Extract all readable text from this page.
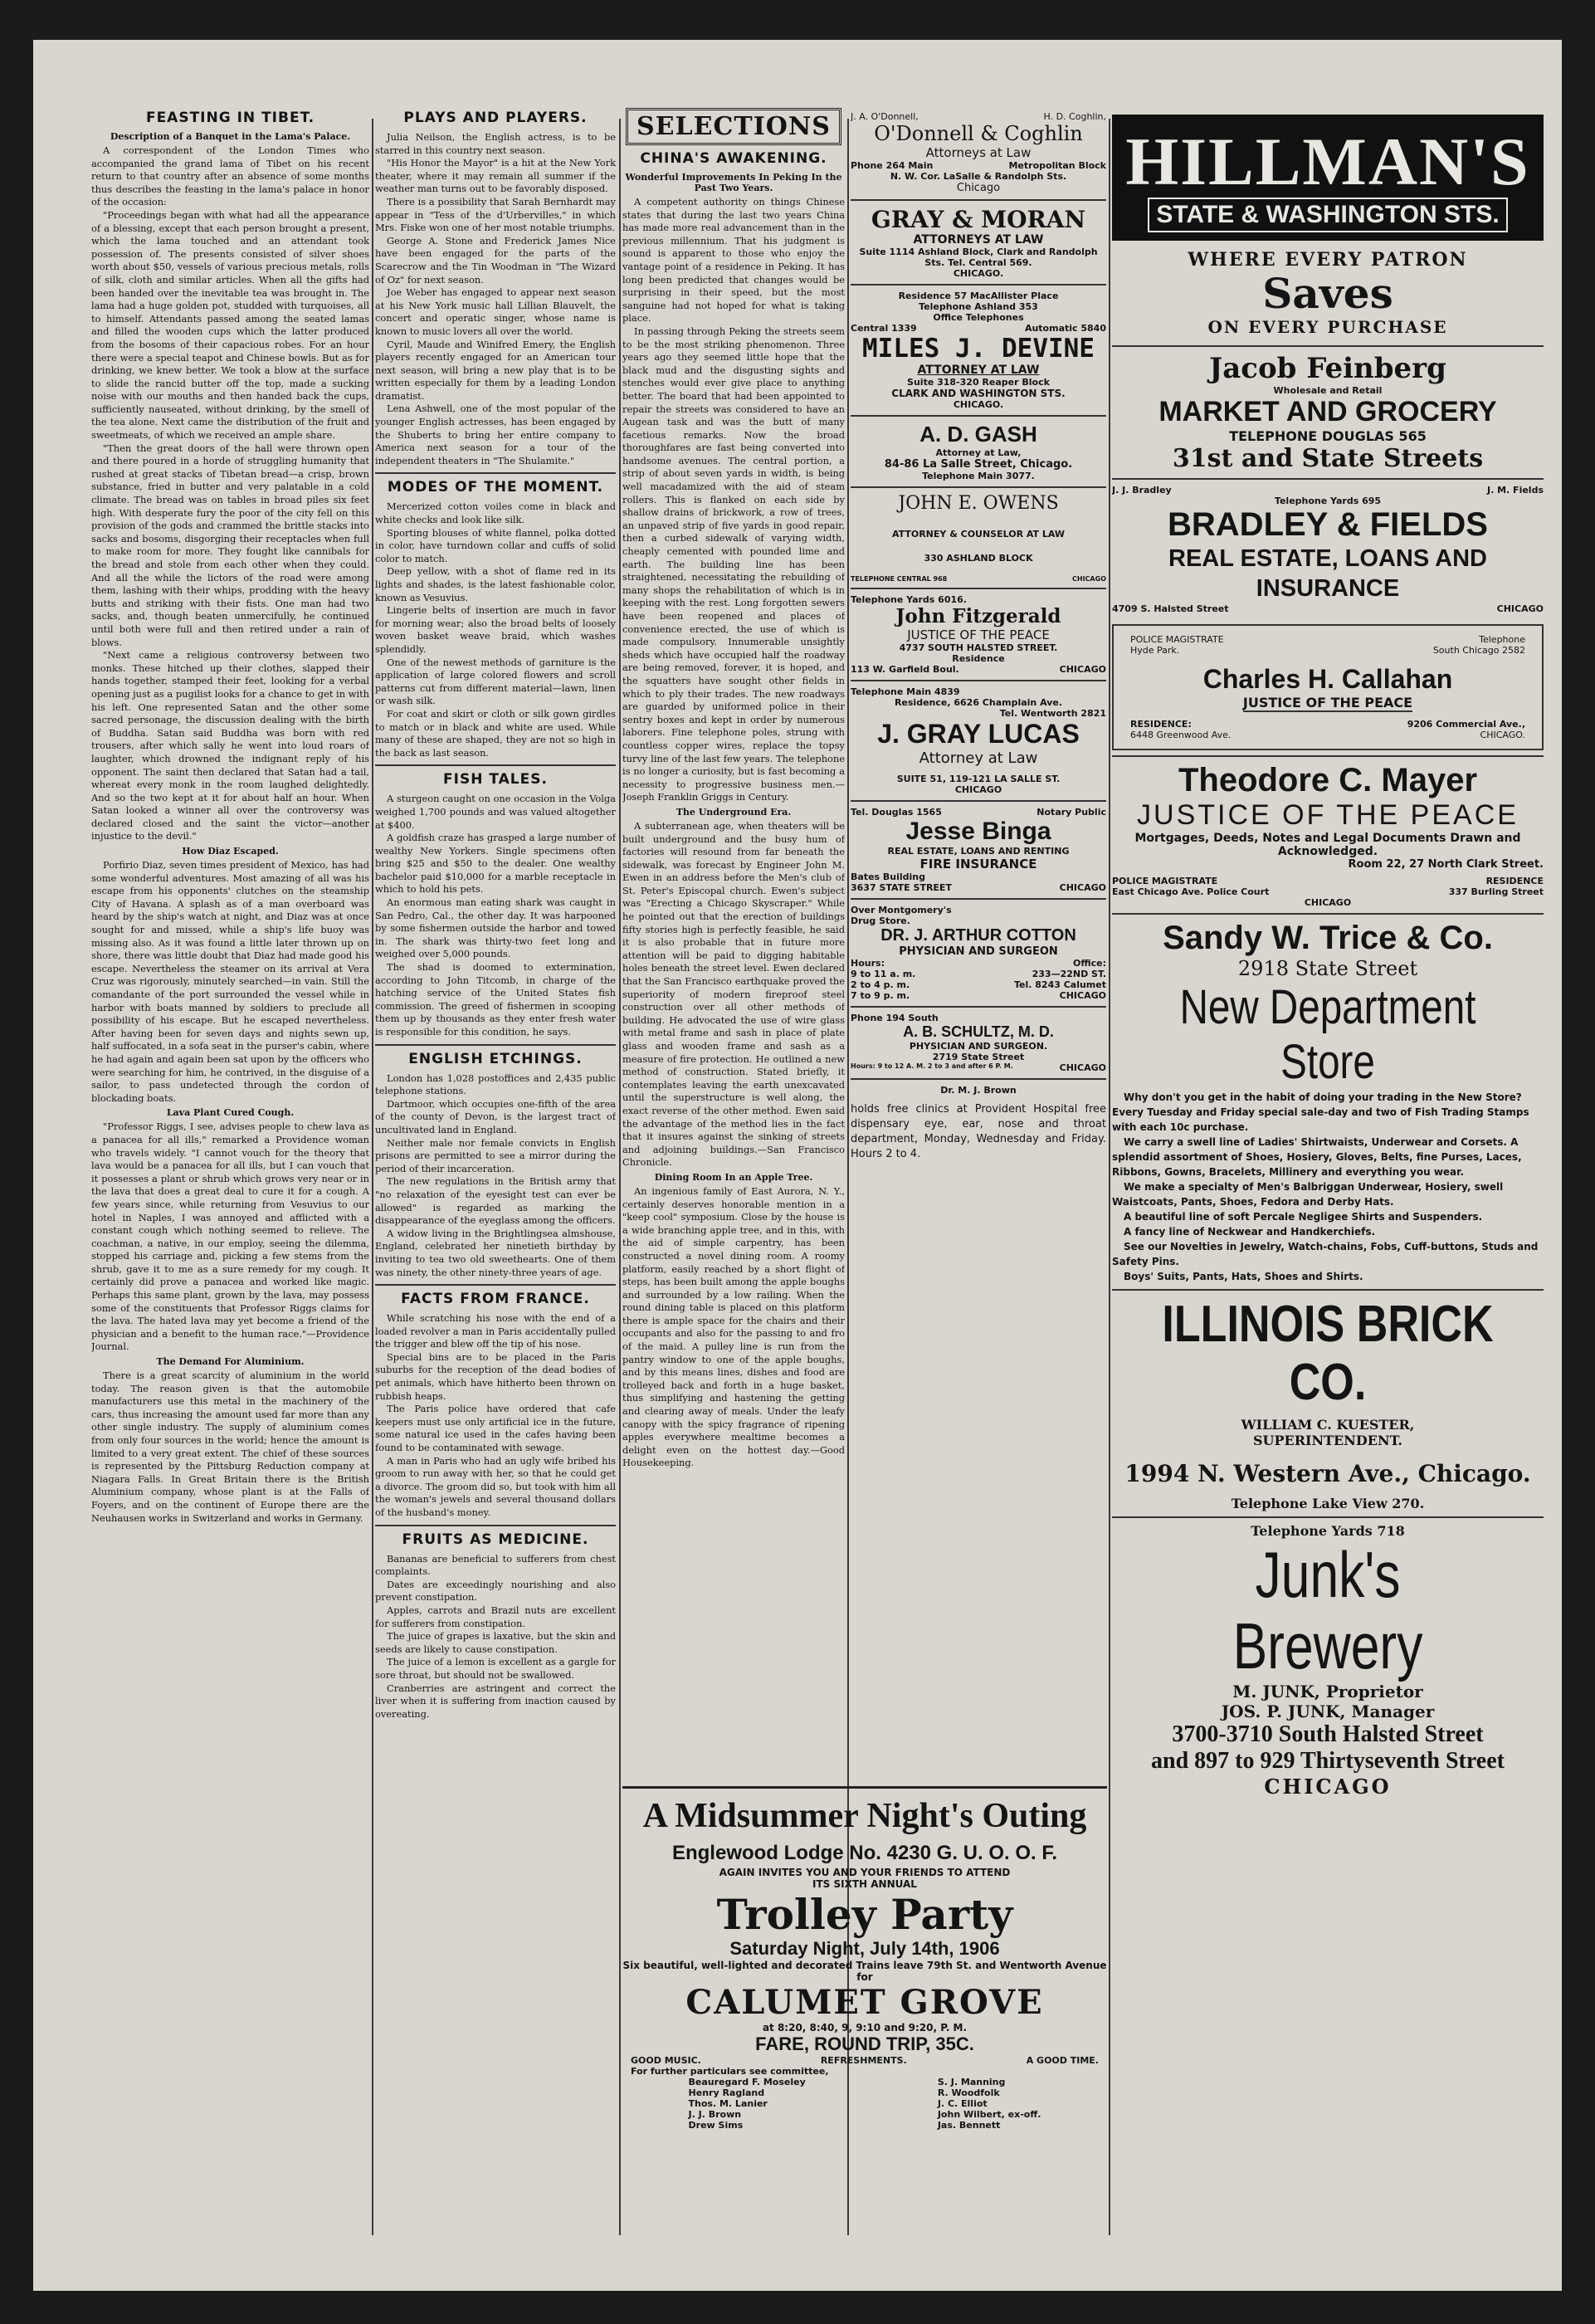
FEASTING IN TIBET.
Description of a Banquet in the Lama's Palace.

A correspondent of the London Times who accompanied the grand lama of Tibet on his recent return to that country after an absence of some months thus describes the feasting in the lama's palace in honor of the occasion:

"Proceedings began with what had all the appearance of a blessing, except that each person brought a present, which the lama touched and an attendant took possession of. The presents consisted of silver shoes worth about $50, vessels of various precious metals, rolls of silk, cloth and similar articles. When all the gifts had been handed over the inevitable tea was brought in. The lama had a huge golden pot, studded with turquoises, all to himself. Attendants passed among the seated lamas and filled the wooden cups which the latter produced from the bosoms of their capacious robes. For an hour there were a special teapot and Chinese bowls. But as for drinking, we knew better. We took a blow at the surface to slide the rancid butter off the top, made a sucking noise with our mouths and then handed back the cups, sufficiently nauseated, without drinking, by the smell of the tea alone. Next came the distribution of the fruit and sweetmeats, of which we received an ample share.

"Then the great doors of the hall were thrown open and there poured in a horde of struggling humanity that rushed at great stacks of Tibetan bread—a crisp, brown substance, fried in butter and very palatable in a cold climate. The bread was on tables in broad piles six feet high. With desperate fury the poor of the city fell on this provision of the gods and crammed the brittle stacks into sacks and bosoms, disgorging their receptacles when full to make room for more. They fought like cannibals for the bread and stole from each other when they could. And all the while the lictors of the road were among them, lashing with their whips, prodding with the heavy butts and striking with their fists. One man had two sacks, and, though beaten unmercifully, he continued until both were full and then retired under a rain of blows.

"Next came a religious controversy between two monks. These hitched up their clothes, slapped their hands together, stamped their feet, looking for a verbal opening just as a pugilist looks for a chance to get in with his left. One represented Satan and the other some sacred personage, the discussion dealing with the birth of Buddha. Satan said Buddha was born with red trousers, after which sally he went into loud roars of laughter, which drowned the indignant reply of his opponent. The saint then declared that Satan had a tail, whereat every monk in the room laughed delightedly. And so the two kept at it for about half an hour. When Satan looked a winner all over the controversy was declared closed and the saint the victor—another injustice to the devil."

How Diaz Escaped.

Porfirio Diaz, seven times president of Mexico, has had some wonderful adventures. Most amazing of all was his escape from his opponents' clutches on the steamship City of Havana. A splash as of a man overboard was heard by the ship's watch at night, and Diaz was at once sought for and missed, while a ship's life buoy was missing also. As it was found a little later thrown up on shore, there was little doubt that Diaz had made good his escape. Nevertheless the steamer on its arrival at Vera Cruz was rigorously, minutely searched—in vain. Still the comandante of the port surrounded the vessel while in harbor with boats manned by soldiers to preclude all possibility of his escape. But he escaped nevertheless. After having been for seven days and nights sewn up, half suffocated, in a sofa seat in the purser's cabin, where he had again and again been sat upon by the officers who were searching for him, he contrived, in the disguise of a sailor, to pass undetected through the cordon of blockading boats.

Lava Plant Cured Cough.

"Professor Riggs, I see, advises people to chew lava as a panacea for all ills," remarked a Providence woman who travels widely. "I cannot vouch for the theory that lava would be a panacea for all ills, but I can vouch that it possesses a plant or shrub which grows very near or in the lava that does a great deal to cure it for a cough. A few years since, while returning from Vesuvius to our hotel in Naples, I was annoyed and afflicted with a constant cough which nothing seemed to relieve. The coachman, a native, in our employ, seeing the dilemma, stopped his carriage and, picking a few stems from the shrub, gave it to me as a sure remedy for my cough. It certainly did prove a panacea and worked like magic. Perhaps this same plant, grown by the lava, may possess some of the constituents that Professor Riggs claims for the lava. The hated lava may yet become a friend of the physician and a benefit to the human race."—Providence Journal.

The Demand For Aluminium.

There is a great scarcity of aluminium in the world today. The reason given is that the automobile manufacturers use this metal in the machinery of the cars, thus increasing the amount used far more than any other single industry. The supply of aluminium comes from only four sources in the world; hence the amount is limited to a very great extent. The chief of these sources is represented by the Pittsburg Reduction company at Niagara Falls. In Great Britain there is the British Aluminium company, whose plant is at the Falls of Foyers, and on the continent of Europe there are the Neuhausen works in Switzerland and works in Germany.

PLAYS AND PLAYERS.

Julia Neilson, the English actress, is to be starred in this country next season.

"His Honor the Mayor" is a hit at the New York theater, where it may remain all summer if the weather man turns out to be favorably disposed.

There is a possibility that Sarah Bernhardt may appear in "Tess of the d'Urbervilles," in which Mrs. Fiske won one of her most notable triumphs.

George A. Stone and Frederick James Nice have been engaged for the parts of the Scarecrow and the Tin Woodman in "The Wizard of Oz" for next season.

Joe Weber has engaged to appear next season at his New York music hall Lillian Blauvelt, the concert and operatic singer, whose name is known to music lovers all over the world.

Cyril, Maude and Winifred Emery, the English players recently engaged for an American tour next season, will bring a new play that is to be written especially for them by a leading London dramatist.

Lena Ashwell, one of the most popular of the younger English actresses, has been engaged by the Shuberts to bring her entire company to America next season for a tour of the independent theaters in "The Shulamite."

MODES OF THE MOMENT.

Mercerized cotton voiles come in black and white checks and look like silk.

Sporting blouses of white flannel, polka dotted in color, have turndown collar and cuffs of solid color to match.

Deep yellow, with a shot of flame red in its lights and shades, is the latest fashionable color, known as Vesuvius.

Lingerie belts of insertion are much in favor for morning wear; also the broad belts of loosely woven basket weave braid, which washes splendidly.

One of the newest methods of garniture is the application of large colored flowers and scroll patterns cut from different material—lawn, linen or wash silk.

For coat and skirt or cloth or silk gown girdles to match or in black and white are used. While many of these are shaped, they are not so high in the back as last season.

FISH TALES.

A sturgeon caught on one occasion in the Volga weighed 1,700 pounds and was valued altogether at $400.

A goldfish craze has grasped a large number of wealthy New Yorkers. Single specimens often bring $25 and $50 to the dealer. One wealthy bachelor paid $10,000 for a marble receptacle in which to hold his pets.

An enormous man eating shark was caught in San Pedro, Cal., the other day. It was harpooned by some fishermen outside the harbor and towed in. The shark was thirty-two feet long and weighed over 5,000 pounds.

The shad is doomed to extermination, according to John Titcomb, in charge of the hatching service of the United States fish commission. The greed of fishermen in scooping them up by thousands as they enter fresh water is responsible for this condition, he says.

ENGLISH ETCHINGS.

London has 1,028 postoffices and 2,435 public telephone stations.

Dartmoor, which occupies one-fifth of the area of the county of Devon, is the largest tract of uncultivated land in England.

Neither male nor female convicts in English prisons are permitted to see a mirror during the period of their incarceration.

The new regulations in the British army that "no relaxation of the eyesight test can ever be allowed" is regarded as marking the disappearance of the eyeglass among the officers.

A widow living in the Brightlingsea almshouse, England, celebrated her ninetieth birthday by inviting to tea two old sweethearts. One of them was ninety, the other ninety-three years of age.

FACTS FROM FRANCE.

While scratching his nose with the end of a loaded revolver a man in Paris accidentally pulled the trigger and blew off the tip of his nose.

Special bins are to be placed in the Paris suburbs for the reception of the dead bodies of pet animals, which have hitherto been thrown on rubbish heaps.

The Paris police have ordered that cafe keepers must use only artificial ice in the future, some natural ice used in the cafes having been found to be contaminated with sewage.

A man in Paris who had an ugly wife bribed his groom to run away with her, so that he could get a divorce. The groom did so, but took with him all the woman's jewels and several thousand dollars of the husband's money.

FRUITS AS MEDICINE.

Bananas are beneficial to sufferers from chest complaints.

Dates are exceedingly nourishing and also prevent constipation.

Apples, carrots and Brazil nuts are excellent for sufferers from constipation.

The juice of grapes is laxative, but the skin and seeds are likely to cause constipation.

The juice of a lemon is excellent as a gargle for sore throat, but should not be swallowed.

Cranberries are astringent and correct the liver when it is suffering from inaction caused by overeating.

SELECTIONS
CHINA'S AWAKENING.
Wonderful Improvements In Peking In the Past Two Years.

A competent authority on things Chinese states that during the last two years China has made more real advancement than in the previous millennium. That his judgment is sound is apparent to those who enjoy the vantage point of a residence in Peking. It has long been predicted that changes would be surprising in their speed, but the most sanguine had not hoped for what is taking place.

In passing through Peking the streets seem to be the most striking phenomenon. Three years ago they seemed little hope that the black mud and the disgusting sights and stenches would ever give place to anything better. The board that had been appointed to repair the streets was considered to have an Augean task and was the butt of many facetious remarks. Now the broad thoroughfares are fast being converted into handsome avenues. The central portion, a strip of about seven yards in width, is being well macadamized with the aid of steam rollers. This is flanked on each side by shallow drains of brickwork, a row of trees, an unpaved strip of five yards in good repair, then a curbed sidewalk of varying width, cheaply cemented with pounded lime and earth. The building line has been straightened, necessitating the rebuilding of many shops the rehabilitation of which is in keeping with the rest. Long forgotten sewers have been reopened and places of convenience erected, the use of which is made compulsory. Innumerable unsightly sheds which have occupied half the roadway are being removed, forever, it is hoped, and the squatters have sought other fields in which to ply their trades. The new roadways are guarded by uniformed police in their sentry boxes and kept in order by numerous laborers. Fine telephone poles, strung with countless copper wires, replace the topsy turvy line of the last few years. The telephone is no longer a curiosity, but is fast becoming a necessity to progressive business men.—Joseph Franklin Griggs in Century.

The Underground Era.

A subterranean age, when theaters will be built underground and the busy hum of factories will resound from far beneath the sidewalk, was forecast by Engineer John M. Ewen in an address before the Men's club of St. Peter's Episcopal church. Ewen's subject was "Erecting a Chicago Skyscraper." While he pointed out that the erection of buildings fifty stories high is perfectly feasible, he said it is also probable that in future more attention will be paid to digging habitable holes beneath the street level. Ewen declared that the San Francisco earthquake proved the superiority of modern fireproof steel construction over all other methods of building. He advocated the use of wire glass with metal frame and sash in place of plate glass and wooden frame and sash as a measure of fire protection. He outlined a new method of construction. Stated briefly, it contemplates leaving the earth unexcavated until the superstructure is well along, the exact reverse of the other method. Ewen said the advantage of the method lies in the fact that it insures against the sinking of streets and adjoining buildings.—San Francisco Chronicle.

Dining Room In an Apple Tree.

An ingenious family of East Aurora, N. Y., certainly deserves honorable mention in a "keep cool" symposium. Close by the house is a wide branching apple tree, and in this, with the aid of simple carpentry, has been constructed a novel dining room. A roomy platform, easily reached by a short flight of steps, has been built among the apple boughs and surrounded by a low railing. When the round dining table is placed on this platform there is ample space for the chairs and their occupants and also for the passing to and fro of the maid. A pulley line is run from the pantry window to one of the apple boughs, and by this means lines, dishes and food are trolleyed back and forth in a huge basket, thus simplifying and hastening the getting and clearing away of meals. Under the leafy canopy with the spicy fragrance of ripening apples everywhere mealtime becomes a delight even on the hottest day.—Good Housekeeping.

J. A. O'Donnell,	H. D. Coghlin,
O'Donnell & Coghlin
Attorneys at Law
Phone 264 Main	Metropolitan Block
N. W. Cor. LaSalle & Randolph Sts.
Chicago
GRAY & MORAN
ATTORNEYS AT LAW
Suite 1114 Ashland Block, Clark and Randolph Sts. Tel. Central 569.
CHICAGO.
Residence 57 MacAllister Place
Telephone Ashland 353
Office Telephones
Central 1339	Automatic 5840
MILES J. DEVINE
ATTORNEY AT LAW
Suite 318-320 Reaper Block
CLARK AND WASHINGTON STS.
CHICAGO.
A. D. GASH
Attorney at Law,
84-86 La Salle Street, Chicago.
Telephone Main 3077.
JOHN E. OWENS
ATTORNEY & COUNSELOR AT LAW
330 ASHLAND BLOCK
TELEPHONE CENTRAL 968	CHICAGO
Telephone Yards 6016.
John Fitzgerald
JUSTICE OF THE PEACE
4737 SOUTH HALSTED STREET.
Residence
113 W. Garfield Boul.	CHICAGO
Telephone Main 4839
Residence, 6626 Champlain Ave.
Tel. Wentworth 2821
J. GRAY LUCAS
Attorney at Law
SUITE 51, 119-121 LA SALLE ST.
CHICAGO
Tel. Douglas 1565	Notary Public
Jesse Binga
REAL ESTATE, LOANS AND RENTING
FIRE INSURANCE
Bates Building
3637 STATE STREET	CHICAGO
Over Montgomery's Drug Store.
DR. J. ARTHUR COTTON
PHYSICIAN AND SURGEON
Hours:	Office:
9 to 11 a. m.	233—22ND ST.
2 to 4 p. m.	Tel. 8243 Calumet
7 to 9 p. m.	CHICAGO
Phone 194 South
A. B. SCHULTZ, M. D.
PHYSICIAN AND SURGEON.
2719 State Street
Hours: 9 to 12 A. M. 2 to 3 and after 6 P. M.	CHICAGO
Dr. M. J. Brown

holds free clinics at Provident Hospital free dispensary eye, ear, nose and throat department, Monday, Wednesday and Friday. Hours 2 to 4.

A Midsummer Night's Outing
Englewood Lodge No. 4230 G. U. O. O. F.
AGAIN INVITES YOU AND YOUR FRIENDS TO ATTEND ITS SIXTH ANNUAL
Trolley Party
Saturday Night, July 14th, 1906
Six beautiful, well-lighted and decorated Trains leave 79th St. and Wentworth Avenue for
CALUMET GROVE
at 8:20, 8:40, 9, 9:10 and 9:20, P. M.
FARE, ROUND TRIP, 35C.
GOOD MUSIC.	REFRESHMENTS.	A GOOD TIME.
For further particulars see committee,
Beauregard F. Moseley
Henry Ragland
Thos. M. Lanier
J. J. Brown
Drew Sims
S. J. Manning
R. Woodfolk
J. C. Elliot
John Wilbert, ex-off.
Jas. Bennett
HILLMAN'S
STATE & WASHINGTON STS.
WHERE EVERY PATRON
Saves
ON EVERY PURCHASE
Jacob Feinberg
Wholesale and Retail
MARKET AND GROCERY
TELEPHONE DOUGLAS 565
31st and State Streets
J. J. Bradley	J. M. Fields
Telephone Yards 695
BRADLEY & FIELDS
REAL ESTATE, LOANS AND INSURANCE
4709 S. Halsted Street	CHICAGO
POLICE MAGISTRATE	Telephone
Hyde Park.	South Chicago 2582
Charles H. Callahan
JUSTICE OF THE PEACE
RESIDENCE:	9206 Commercial Ave.,
6448 Greenwood Ave.	CHICAGO.
Theodore C. Mayer
JUSTICE OF THE PEACE
Mortgages, Deeds, Notes and Legal Documents Drawn and Acknowledged.
Room 22, 27 North Clark Street.
POLICE MAGISTRATE	RESIDENCE
East Chicago Ave. Police Court	337 Burling Street
CHICAGO
Sandy W. Trice & Co.
2918 State Street
New Department Store

Why don't you get in the habit of doing your trading in the New Store? Every Tuesday and Friday special sale-day and two of Fish Trading Stamps with each 10c purchase.

We carry a swell line of Ladies' Shirtwaists, Underwear and Corsets. A splendid assortment of Shoes, Hosiery, Gloves, Belts, fine Purses, Laces, Ribbons, Gowns, Bracelets, Millinery and everything you wear.

We make a specialty of Men's Balbriggan Underwear, Hosiery, swell Waistcoats, Pants, Shoes, Fedora and Derby Hats.

A beautiful line of soft Percale Negligee Shirts and Suspenders.

A fancy line of Neckwear and Handkerchiefs.

See our Novelties in Jewelry, Watch-chains, Fobs, Cuff-buttons, Studs and Safety Pins.

Boys' Suits, Pants, Hats, Shoes and Shirts.

ILLINOIS BRICK CO.
WILLIAM C. KUESTER,
SUPERINTENDENT.
1994 N. Western Ave., Chicago.
Telephone Lake View 270.
Telephone Yards 718
Junk's Brewery
M. JUNK, Proprietor
JOS. P. JUNK, Manager
3700-3710 South Halsted Street
and 897 to 929 Thirtyseventh Street
CHICAGO
